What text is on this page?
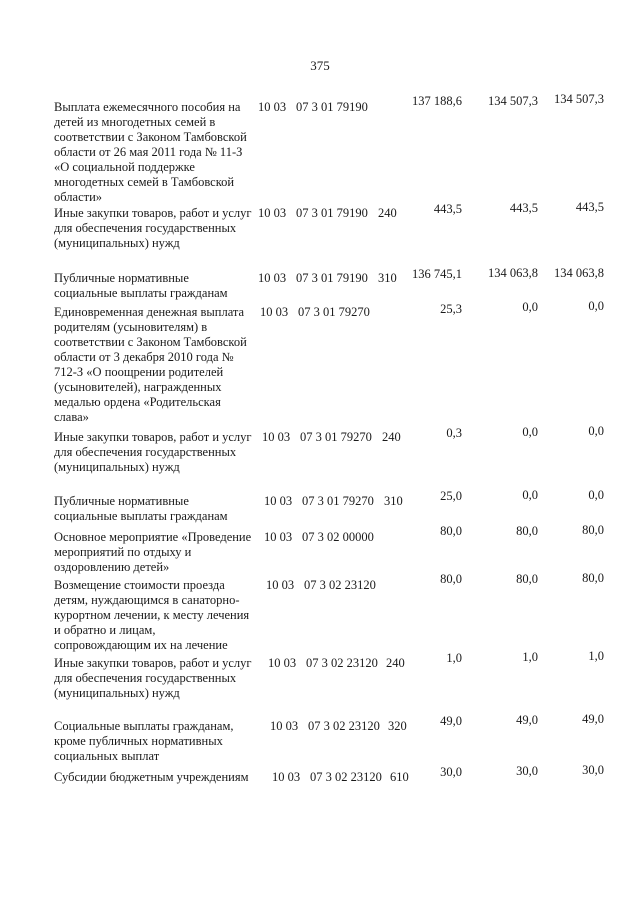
375
Выплата ежемесячного пособия на детей из многодетных семей в соответствии с Законом Тамбовской области от 26 мая 2011 года № 11-З «О социальной поддержке многодетных семей в Тамбовской области»
10 03 07 3 01 79190	137 188,6	134 507,3	134 507,3
Иные закупки товаров, работ и услуг для обеспечения государственных (муниципальных) нужд
10 03 07 3 01 79190 240	443,5	443,5	443,5
Публичные нормативные социальные выплаты гражданам
10 03 07 3 01 79190 310	136 745,1	134 063,8	134 063,8
Единовременная денежная выплата родителям (усыновителям) в соответствии с Законом Тамбовской области от 3 декабря 2010 года № 712-З «О поощрении родителей (усыновителей), награжденных медалью ордена «Родительская слава»
10 03 07 3 01 79270	25,3	0,0	0,0
Иные закупки товаров, работ и услуг для обеспечения государственных (муниципальных) нужд
10 03 07 3 01 79270 240	0,3	0,0	0,0
Публичные нормативные социальные выплаты гражданам
10 03 07 3 01 79270 310	25,0	0,0	0,0
Основное мероприятие «Проведение мероприятий по отдыху и оздоровлению детей»
10 03 07 3 02 00000	80,0	80,0	80,0
Возмещение стоимости проезда детям, нуждающимся в санаторно-курортном лечении, к месту лечения и обратно и лицам, сопровождающим их на лечение
10 03 07 3 02 23120	80,0	80,0	80,0
Иные закупки товаров, работ и услуг для обеспечения государственных (муниципальных) нужд
10 03 07 3 02 23120 240	1,0	1,0	1,0
Социальные выплаты гражданам, кроме публичных нормативных социальных выплат
10 03 07 3 02 23120 320	49,0	49,0	49,0
Субсидии бюджетным учреждениям	10 03 07 3 02 23120 610	30,0	30,0	30,0
